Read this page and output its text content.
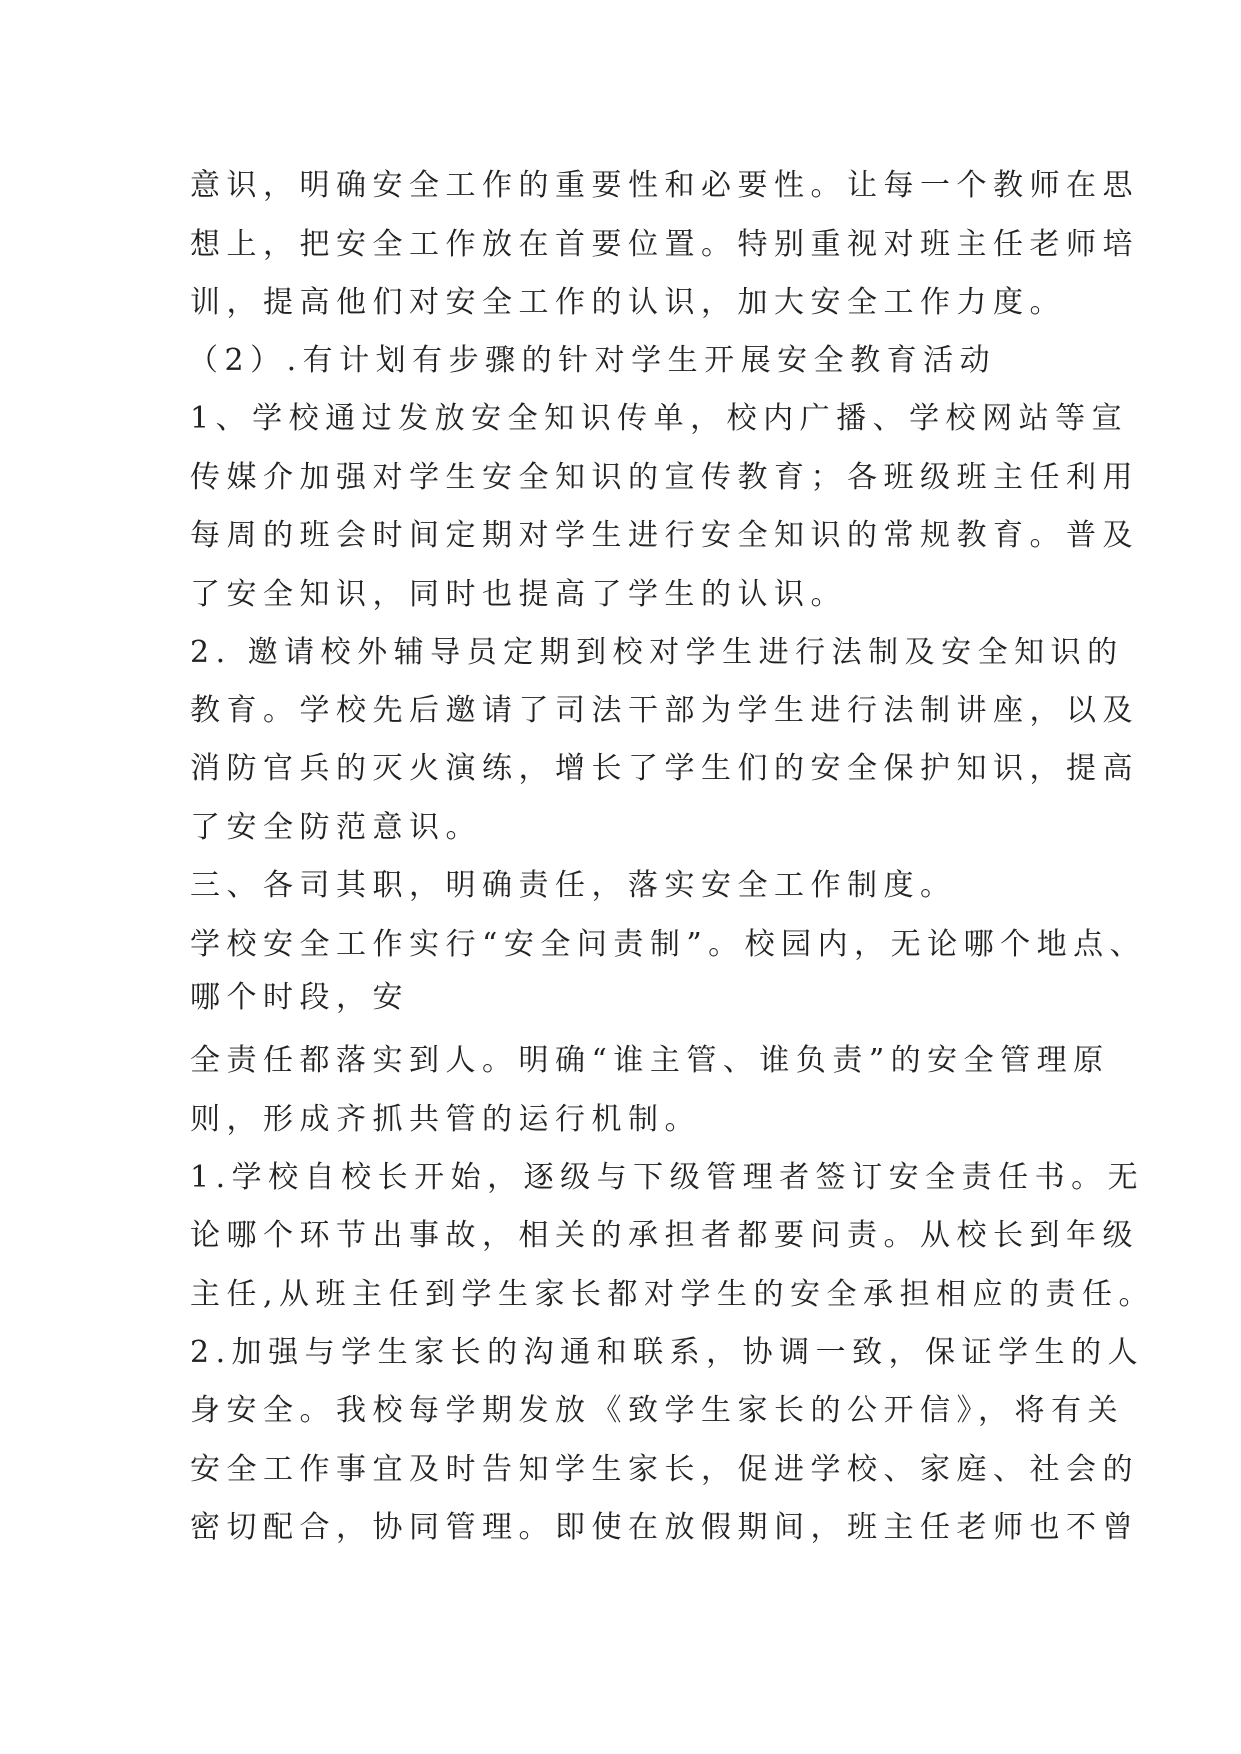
意识，明确安全工作的重要性和必要性。让每一个教师在思

想上，把安全工作放在首要位置。特别重视对班主任老师培

训，提高他们对安全工作的认识，加大安全工作力度。

（2）.有计划有步骤的针对学生开展安全教育活动

1、学校通过发放安全知识传单，校内广播、学校网站等宣

传媒介加强对学生安全知识的宣传教育；各班级班主任利用

每周的班会时间定期对学生进行安全知识的常规教育。普及

了安全知识，同时也提高了学生的认识。

2. 邀请校外辅导员定期到校对学生进行法制及安全知识的

教育。学校先后邀请了司法干部为学生进行法制讲座，以及

消防官兵的灭火演练，增长了学生们的安全保护知识，提高

了安全防范意识。

三、各司其职，明确责任，落实安全工作制度。

学校安全工作实行“安全问责制”。校园内，无论哪个地点、

哪个时段，安

全责任都落实到人。明确“谁主管、谁负责”的安全管理原

则，形成齐抓共管的运行机制。

1.学校自校长开始，逐级与下级管理者签订安全责任书。无

论哪个环节出事故，相关的承担者都要问责。从校长到年级

主任,从班主任到学生家长都对学生的安全承担相应的责任。

2.加强与学生家长的沟通和联系，协调一致，保证学生的人

身安全。我校每学期发放《致学生家长的公开信》，将有关

安全工作事宜及时告知学生家长，促进学校、家庭、社会的

密切配合，协同管理。即使在放假期间，班主任老师也不曾
